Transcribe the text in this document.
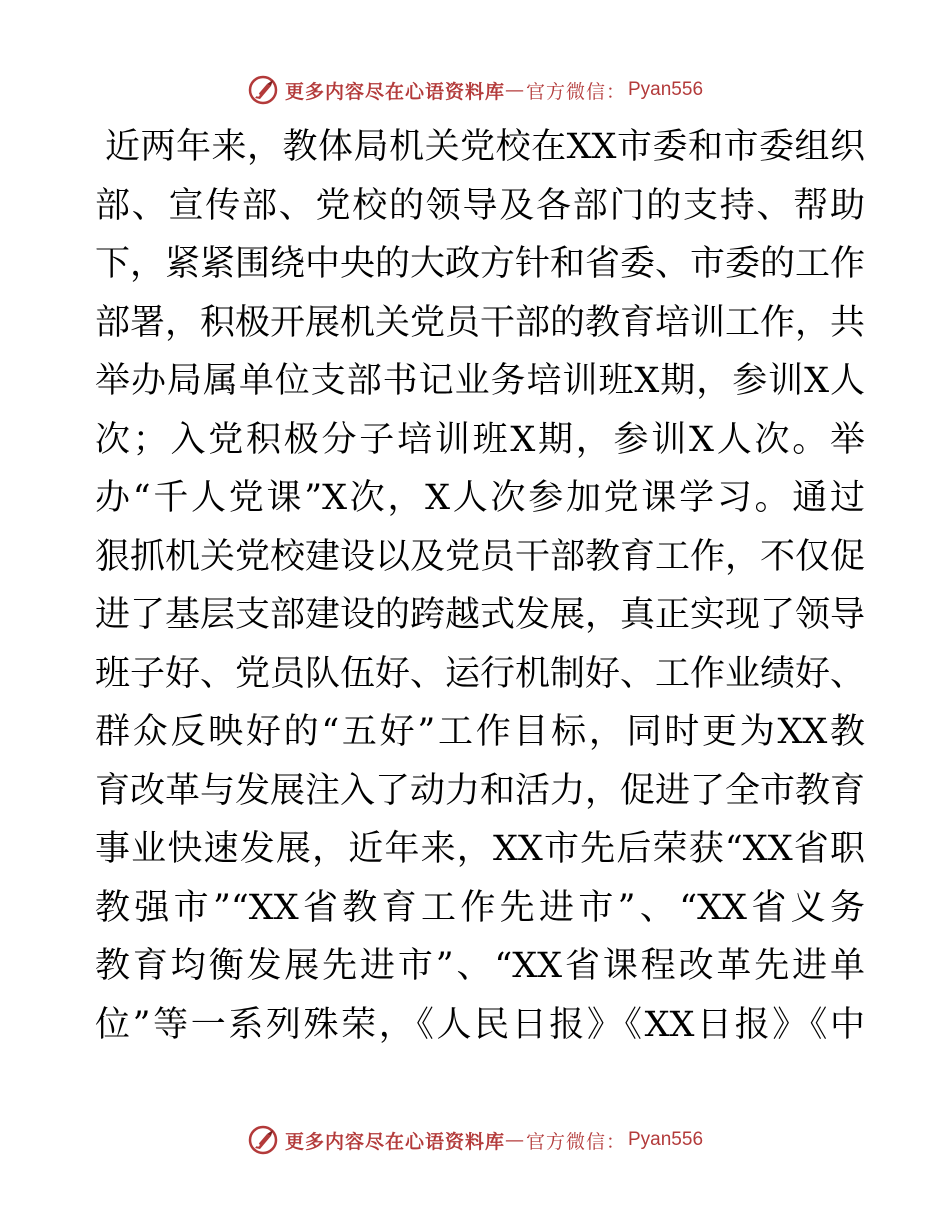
更多内容尽在心语资料库 — 官方微信： Pyan556
近两年来，教体局机关党校在XX市委和市委组织
部、宣传部、党校的领导及各部门的支持、帮助
下，紧紧围绕中央的大政方针和省委、市委的工作
部署，积极开展机关党员干部的教育培训工作，共
举办局属单位支部书记业务培训班X期，参训X人
次；入党积极分子培训班X期，参训X人次。举
办“千人党课”X次，X人次参加党课学习。通过
狠抓机关党校建设以及党员干部教育工作，不仅促
进了基层支部建设的跨越式发展，真正实现了领导
班子好、党员队伍好、运行机制好、工作业绩好、
群众反映好的“五好”工作目标，同时更为XX教
育改革与发展注入了动力和活力，促进了全市教育
事业快速发展，近年来，XX市先后荣获“XX省职
教强市”“XX省教育工作先进市”、“XX省义务
教育均衡发展先进市”、“XX省课程改革先进单
位”等一系列殊荣，《人民日报》《XX日报》《中
更多内容尽在心语资料库 — 官方微信： Pyan556
